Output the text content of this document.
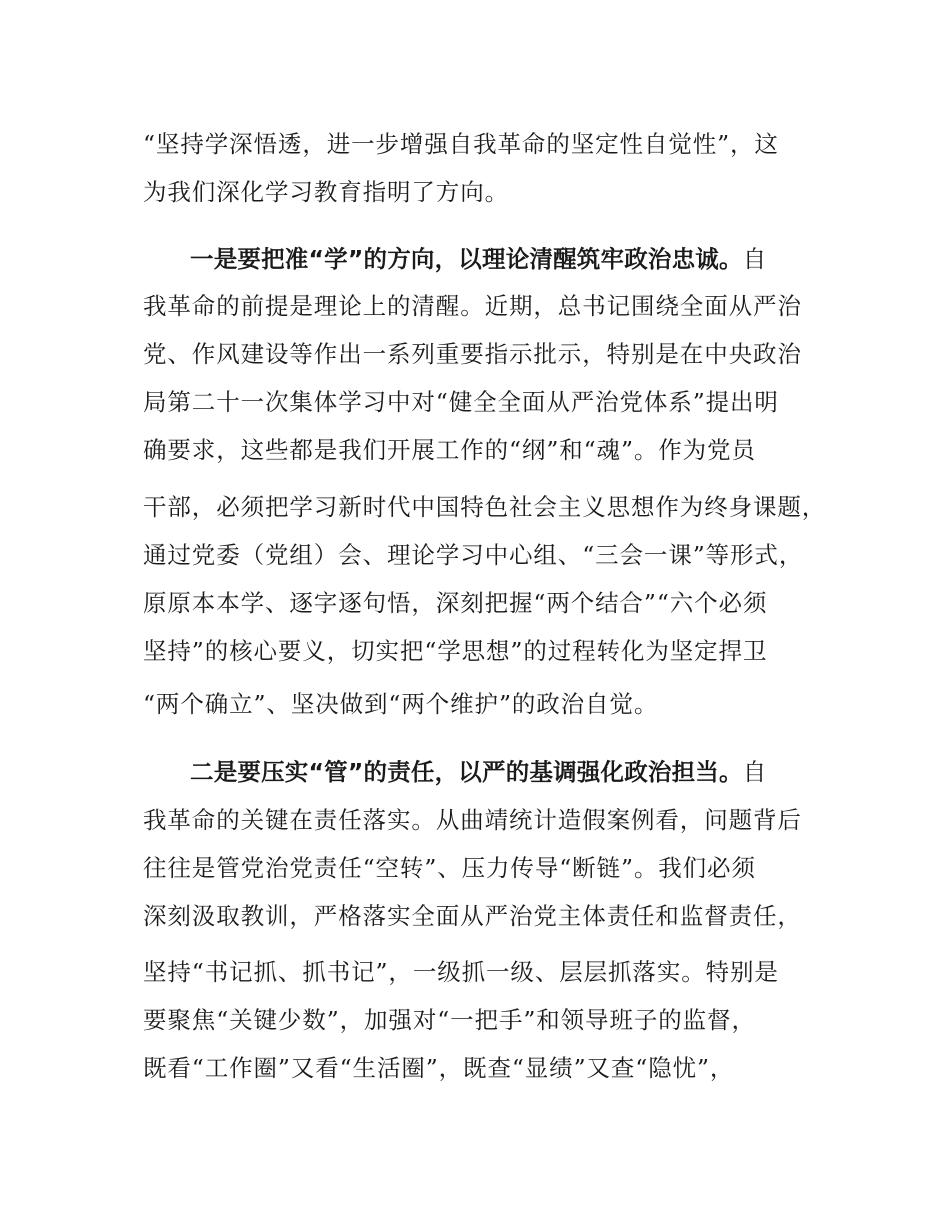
“坚持学深悟透，进一步增强自我革命的坚定性自觉性”，这
为我们深化学习教育指明了方向。
一是要把准“学”的方向，以理论清醒筑牢政治忠诚。自
我革命的前提是理论上的清醒。近期，总书记围绕全面从严治
党、作风建设等作出一系列重要指示批示，特别是在中央政治
局第二十一次集体学习中对“健全全面从严治党体系”提出明
确要求，这些都是我们开展工作的“纲”和“魂”。作为党员
干部，必须把学习新时代中国特色社会主义思想作为终身课题，
通过党委（党组）会、理论学习中心组、“三会一课”等形式，
原原本本学、逐字逐句悟，深刻把握“两个结合”“六个必须
坚持”的核心要义，切实把“学思想”的过程转化为坚定捍卫
“两个确立”、坚决做到“两个维护”的政治自觉。
二是要压实“管”的责任，以严的基调强化政治担当。自
我革命的关键在责任落实。从曲靖统计造假案例看，问题背后
往往是管党治党责任“空转”、压力传导“断链”。我们必须
深刻汲取教训，严格落实全面从严治党主体责任和监督责任，
坚持“书记抓、抓书记”，一级抓一级、层层抓落实。特别是
要聚焦“关键少数”，加强对“一把手”和领导班子的监督，
既看“工作圈”又看“生活圈”，既查“显绩”又查“隐忧”，
